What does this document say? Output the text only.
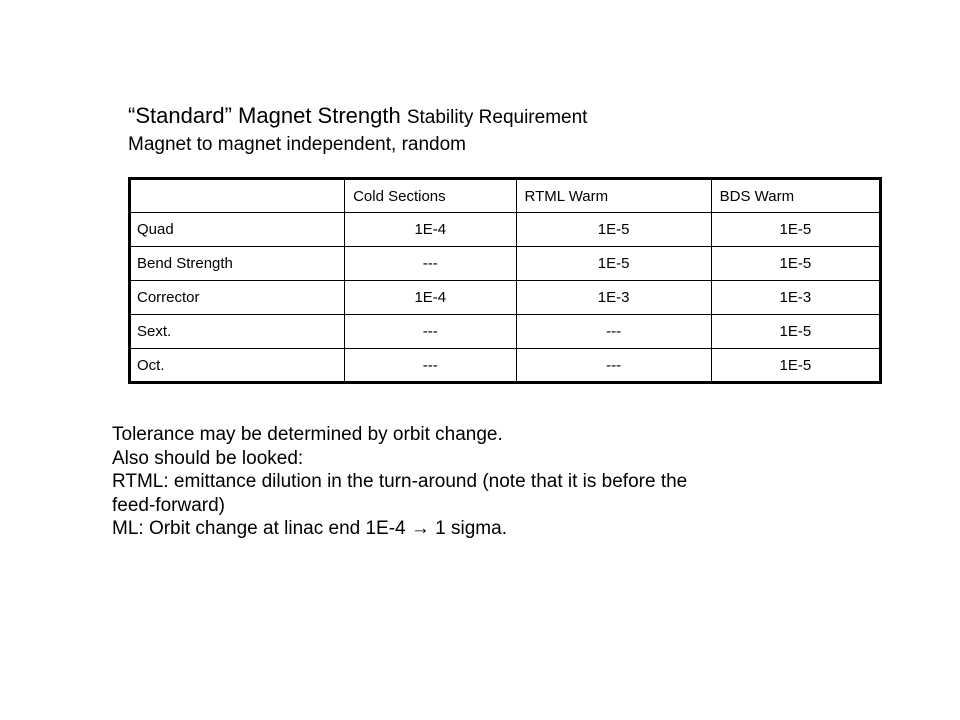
“Standard” Magnet Strength Stability Requirement
Magnet to magnet independent, random
	Cold Sections	RTML Warm	BDS Warm
Quad	1E-4	1E-5	1E-5
Bend Strength	---	1E-5	1E-5
Corrector	1E-4	1E-3	1E-3
Sext.	---	---	1E-5
Oct.	---	---	1E-5
Tolerance may be determined by orbit change.
Also should be looked:
RTML: emittance dilution in the turn-around (note that it is before the
feed-forward)
ML: Orbit change at linac end 1E-4 → 1 sigma.
